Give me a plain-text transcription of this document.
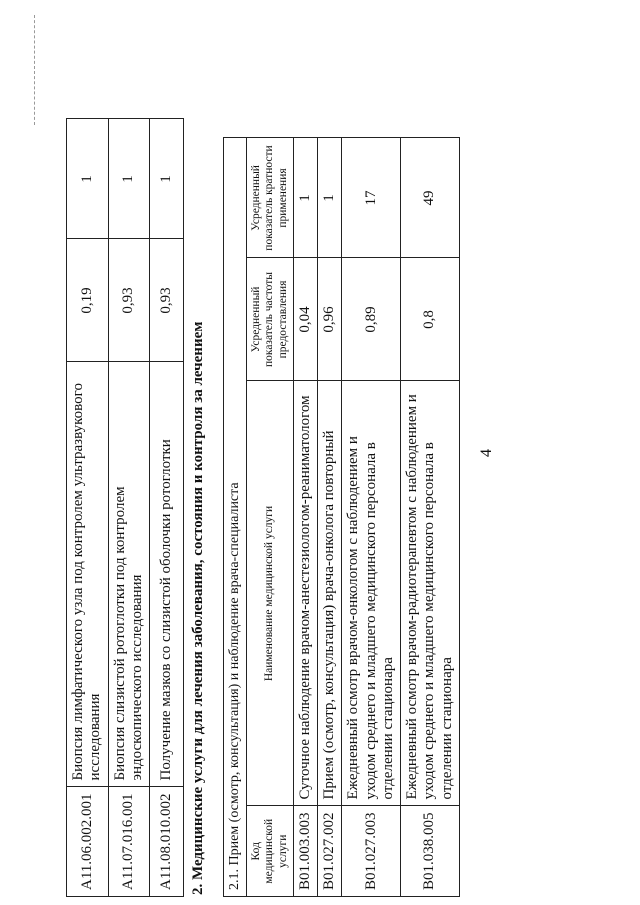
4
A11.06.002.001	Биопсия лимфатического узла под контролем ультразвукового исследования	0,19	1
A11.07.016.001	Биопсия слизистой ротоглотки под контролем эндоскопического исследования	0,93	1
A11.08.010.002	Получение мазков со слизистой оболочки ротоглотки	0,93	1
2. Медицинские услуги для лечения заболевания, состояния и контроля за лечением 2.1. Прием (осмотр, консультация) и наблюдение врача-специалиста			
Код медицинской услуги	Наименование медицинской услуги	Усредненный показатель частоты предоставления	Усредненный показатель кратности применения
B01.003.003	Суточное наблюдение врачом-анестезиологом-реаниматологом	0,04	1
B01.027.002	Прием (осмотр, консультация) врача-онколога повторный	0,96	1
B01.027.003	Ежедневный осмотр врачом-онкологом с наблюдением и уходом среднего и младшего медицинского персонала в отделении стационара	0,89	17
B01.038.005	Ежедневный осмотр врачом-радиотерапевтом с наблюдением и уходом среднего и младшего медицинского персонала в отделении стационара	0,8	49
